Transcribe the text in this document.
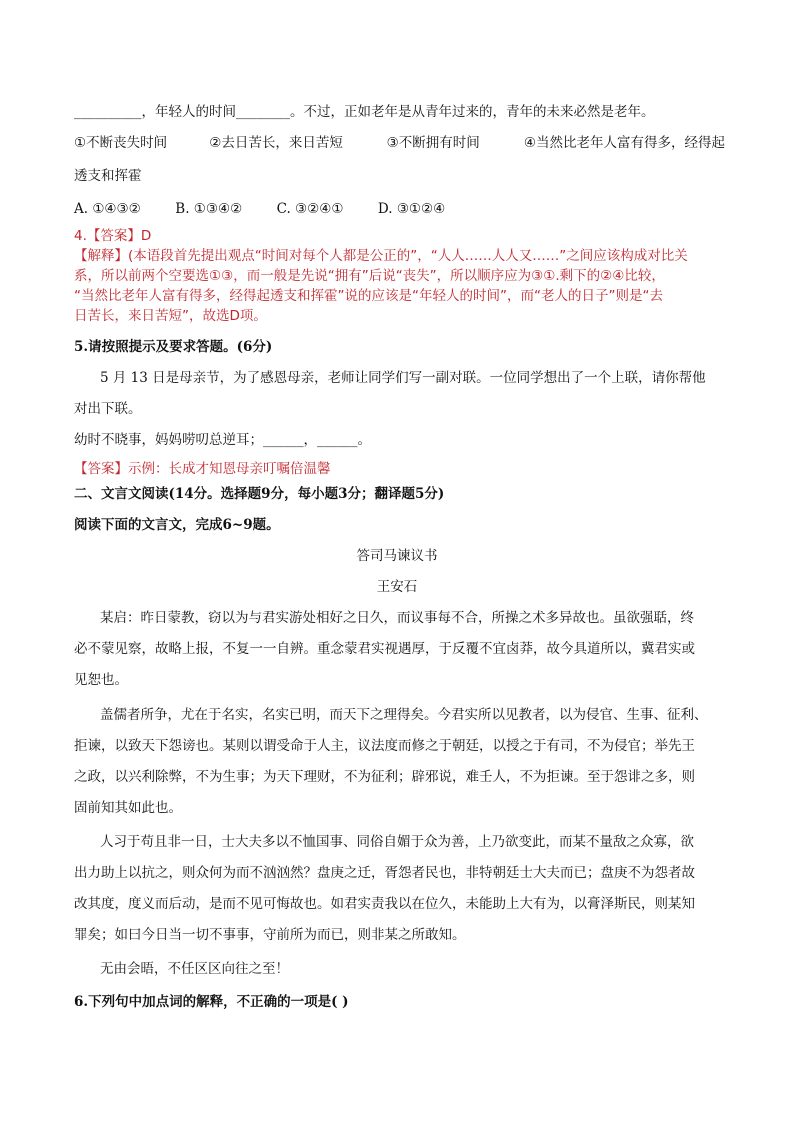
__________，年轻人的时间________。不过，正如老年是从青年过来的，青年的未来必然是老年。
①不断丧失时间	②去日苦长，来日苦短	③不断拥有时间	④当然比老年人富有得多，经得起
透支和挥霍
A. ①④③②	B. ①③④②	C. ③②④①	D. ③①②④
4.【答案】D
【解释】(本语段首先提出观点“时间对每个人都是公正的”，“人人……人人又……”之间应该构成对比关
系，所以前两个空要选①③，而一般是先说“拥有”后说“丧失”，所以顺序应为③①.剩下的②④比较，
“当然比老年人富有得多，经得起透支和挥霍”说的应该是“年轻人的时间”，而“老人的日子”则是“去
日苦长，来日苦短”，故选D项。
5.请按照提示及要求答题。(6分)
5 月 13 日是母亲节，为了感恩母亲，老师让同学们写一副对联。一位同学想出了一个上联，请你帮他
对出下联。
幼时不晓事，妈妈唠叨总逆耳；______，______。
【答案】示例：长成才知恩母亲叮嘱倍温馨
二、文言文阅读(14分。选择题9分，每小题3分；翻译题5分)
阅读下面的文言文，完成6~9题。
答司马谏议书
王安石
某启：昨日蒙教，窃以为与君实游处相好之日久，而议事每不合，所操之术多异故也。虽欲强聒，终
必不蒙见察，故略上报，不复一一自辨。重念蒙君实视遇厚，于反覆不宜卤莽，故今具道所以，冀君实或
见恕也。
盖儒者所争，尤在于名实，名实已明，而天下之理得矣。今君实所以见教者，以为侵官、生事、征利、
拒谏，以致天下怨谤也。某则以谓受命于人主，议法度而修之于朝廷，以授之于有司，不为侵官；举先王
之政，以兴利除弊，不为生事；为天下理财，不为征利；辟邪说，难壬人，不为拒谏。至于怨诽之多，则
固前知其如此也。
人习于苟且非一日，士大夫多以不恤国事、同俗自媚于众为善，上乃欲变此，而某不量敌之众寡，欲
出力助上以抗之，则众何为而不汹汹然？盘庚之迁，胥怨者民也，非特朝廷士大夫而已；盘庚不为怨者故
改其度，度义而后动，是而不见可悔故也。如君实责我以在位久，未能助上大有为，以膏泽斯民，则某知
罪矣；如曰今日当一切不事事，守前所为而已，则非某之所敢知。
无由会晤，不任区区向往之至！
6.下列句中加点词的解释，不正确的一项是( )
